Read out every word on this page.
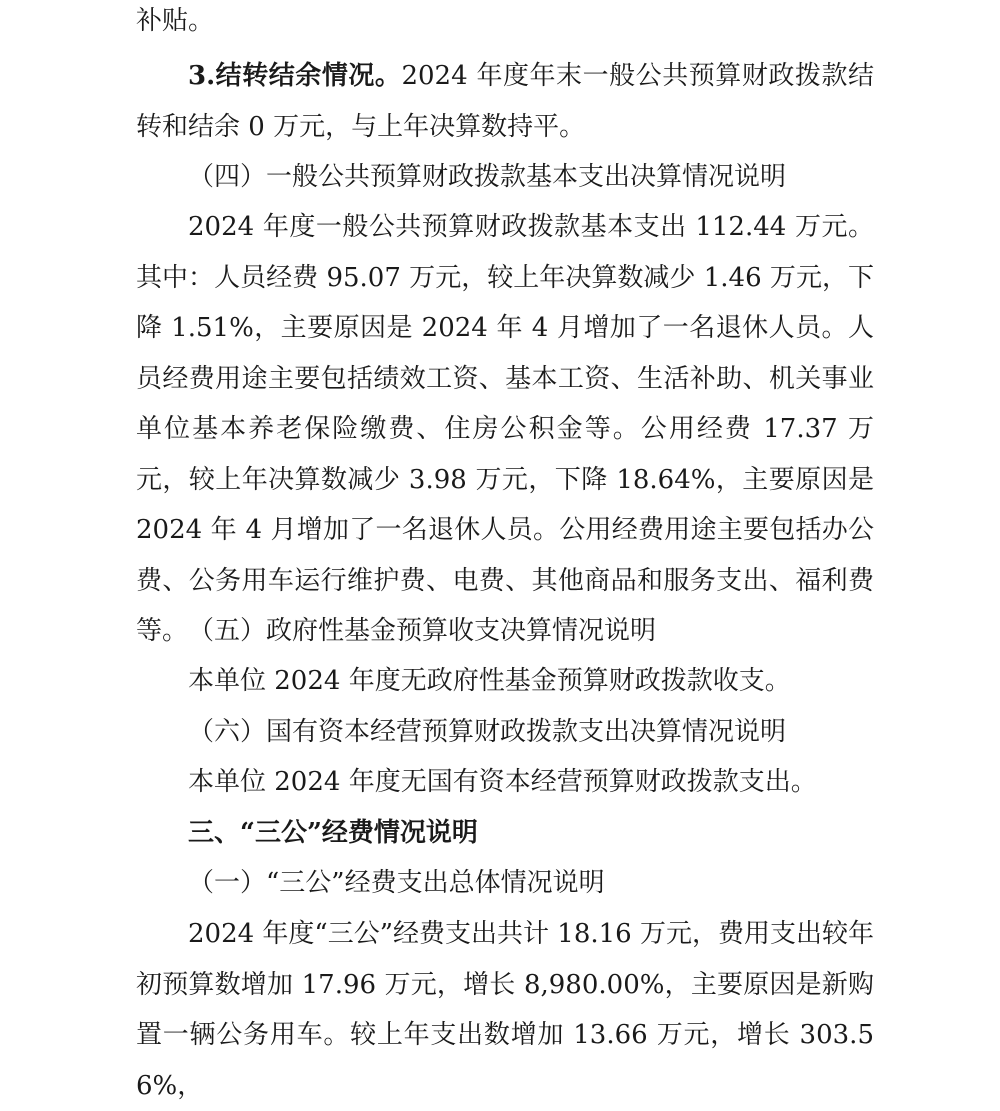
补贴。

3.结转结余情况。2024 年度年末一般公共预算财政拨款结转和结余 0 万元，与上年决算数持平。

（四）一般公共预算财政拨款基本支出决算情况说明

2024 年度一般公共预算财政拨款基本支出 112.44 万元。其中：人员经费 95.07 万元，较上年决算数减少 1.46 万元，下降 1.51%，主要原因是 2024 年 4 月增加了一名退休人员。人员经费用途主要包括绩效工资、基本工资、生活补助、机关事业单位基本养老保险缴费、住房公积金等。公用经费 17.37 万元，较上年决算数减少 3.98 万元，下降 18.64%，主要原因是 2024 年 4 月增加了一名退休人员。公用经费用途主要包括办公费、公务用车运行维护费、电费、其他商品和服务支出、福利费等。 （五）政府性基金预算收支决算情况说明

本单位 2024 年度无政府性基金预算财政拨款收支。

（六）国有资本经营预算财政拨款支出决算情况说明

本单位 2024 年度无国有资本经营预算财政拨款支出。

三、“三公”经费情况说明

（一）“三公”经费支出总体情况说明

2024 年度“三公”经费支出共计 18.16 万元，费用支出较年初预算数增加 17.96 万元，增长 8,980.00%，主要原因是新购置一辆公务用车。较上年支出数增加 13.66 万元，增长 303.56%，
